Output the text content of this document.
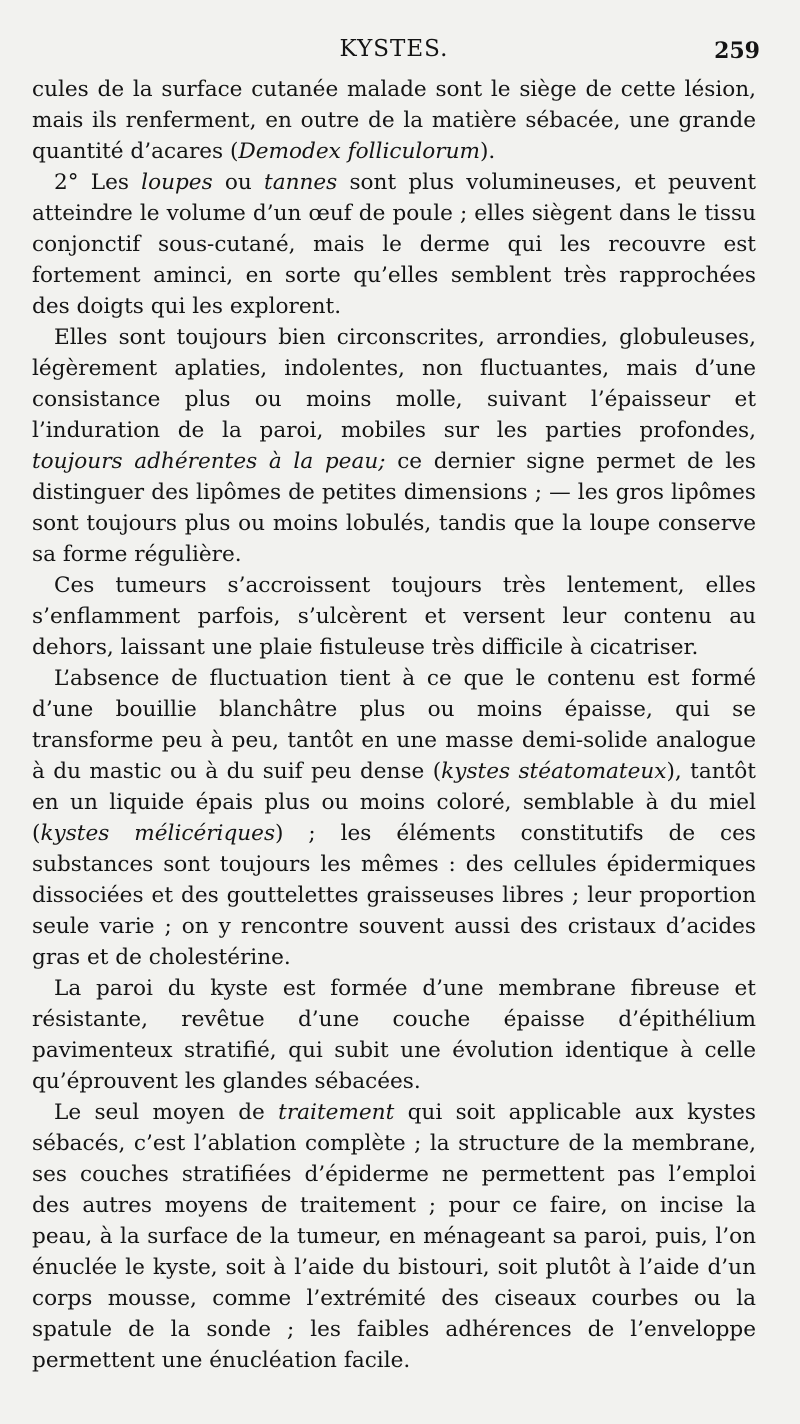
KYSTES.	259

cules de la surface cutanée malade sont le siège de cette lésion, mais ils renferment, en outre de la matière sébacée, une grande quantité d’acares (Demodex folliculorum).

2° Les loupes ou tannes sont plus volumineuses, et peuvent atteindre le volume d’un œuf de poule ; elles siègent dans le tissu conjonctif sous-cutané, mais le derme qui les recouvre est fortement aminci, en sorte qu’elles semblent très rapprochées des doigts qui les explorent.

Elles sont toujours bien circonscrites, arrondies, globuleuses, légèrement aplaties, indolentes, non fluctuantes, mais d’une consistance plus ou moins molle, suivant l’épaisseur et l’induration de la paroi, mobiles sur les parties profondes, toujours adhérentes à la peau; ce dernier signe permet de les distinguer des lipômes de petites dimensions ; — les gros lipômes sont toujours plus ou moins lobulés, tandis que la loupe conserve sa forme régulière.

Ces tumeurs s’accroissent toujours très lentement, elles s’enflamment parfois, s’ulcèrent et versent leur contenu au dehors, laissant une plaie fistuleuse très difficile à cicatriser.

L’absence de fluctuation tient à ce que le contenu est formé d’une bouillie blanchâtre plus ou moins épaisse, qui se transforme peu à peu, tantôt en une masse demi-solide analogue à du mastic ou à du suif peu dense (kystes stéatomateux), tantôt en un liquide épais plus ou moins coloré, semblable à du miel (kystes mélicériques) ; les éléments constitutifs de ces substances sont toujours les mêmes : des cellules épidermiques dissociées et des gouttelettes graisseuses libres ; leur proportion seule varie ; on y rencontre souvent aussi des cristaux d’acides gras et de cholestérine.

La paroi du kyste est formée d’une membrane fibreuse et résistante, revêtue d’une couche épaisse d’épithélium pavimenteux stratifié, qui subit une évolution identique à celle qu’éprouvent les glandes sébacées.

Le seul moyen de traitement qui soit applicable aux kystes sébacés, c’est l’ablation complète ; la structure de la membrane, ses couches stratifiées d’épiderme ne permettent pas l’emploi des autres moyens de traitement ; pour ce faire, on incise la peau, à la surface de la tumeur, en ménageant sa paroi, puis, l’on énuclée le kyste, soit à l’aide du bistouri, soit plutôt à l’aide d’un corps mousse, comme l’extrémité des ciseaux courbes ou la spatule de la sonde ; les faibles adhérences de l’enveloppe permettent une énucléation facile.
